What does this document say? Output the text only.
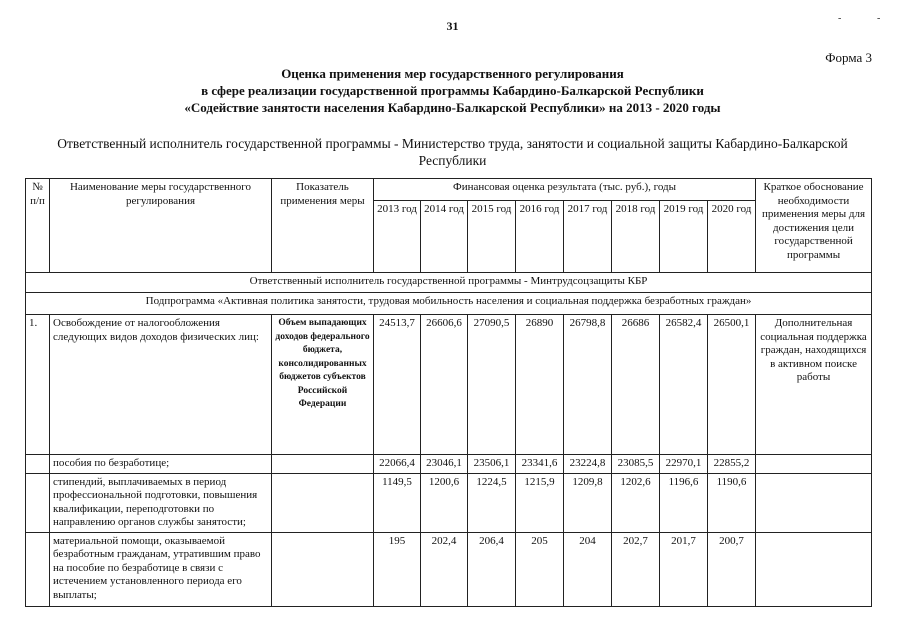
31
Форма 3
Оценка применения мер государственного регулирования
в сфере реализации государственной программы Кабардино-Балкарской Республики
«Содействие занятости населения Кабардино-Балкарской Республики» на 2013 - 2020 годы
Ответственный исполнитель государственной программы - Министерство труда, занятости и социальной защиты Кабардино-Балкарской Республики
‐	‐
№ п/п	Наименование меры государственного регулирования	Показатель применения меры	Финансовая оценка результата (тыс. руб.), годы								Краткое обоснование необходимости применения меры для достижения цели государственной программы
			2013 год	2014 год	2015 год	2016 год	2017 год	2018 год	2019 год	2020 год	
Ответственный исполнитель государственной программы - Минтрудсоцзащиты КБР											
Подпрограмма «Активная политика занятости, трудовая мобильность населения и социальная поддержка безработных граждан»											
1.	Освобождение от налогообложения следующих видов доходов физических лиц:	Объем выпадающих доходов федерального бюджета, консолидированных бюджетов субъектов Российской Федерации	24513,7	26606,6	27090,5	26890	26798,8	26686	26582,4	26500,1	Дополнительная социальная поддержка граждан, находящихся в активном поиске работы
	пособия по безработице;		22066,4	23046,1	23506,1	23341,6	23224,8	23085,5	22970,1	22855,2	
	стипендий, выплачиваемых в период профессиональной подготовки, повышения квалификации, переподготовки по направлению органов службы занятости;		1149,5	1200,6	1224,5	1215,9	1209,8	1202,6	1196,6	1190,6	
	материальной помощи, оказываемой безработным гражданам, утратившим право на пособие по безработице в связи с истечением установленного периода его выплаты;		195	202,4	206,4	205	204	202,7	201,7	200,7	
